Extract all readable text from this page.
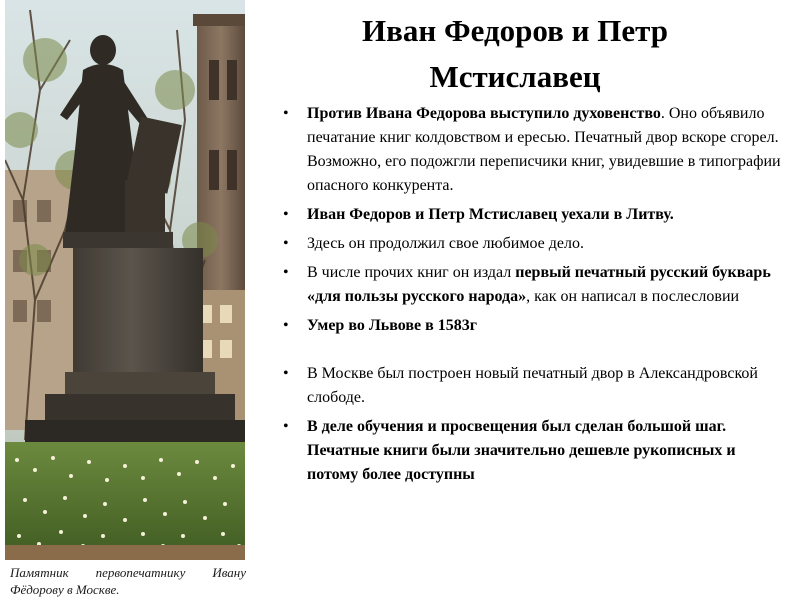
Памятник первопечатнику Ивану
Фёдорову в Москве.
Иван Федоров и Петр
Мстиславец
• Против Ивана Федорова выступило духовенство. Оно объявило печатание книг колдовством и ересью. Печатный двор вскоре сгорел. Возможно, его подожгли переписчики книг, увидевшие в типографии опасного конкурента.
• Иван Федоров и Петр Мстиславец уехали в Литву.
• Здесь он продолжил свое любимое дело.
• В числе прочих книг он издал первый печатный русский букварь «для пользы русского народа», как он написал в послесловии
• Умер во Львове в 1583г
• В Москве был построен новый печатный двор в Александровской слободе.
• В деле обучения и просвещения был сделан большой шаг. Печатные книги были значительно дешевле рукописных и потому более доступны
